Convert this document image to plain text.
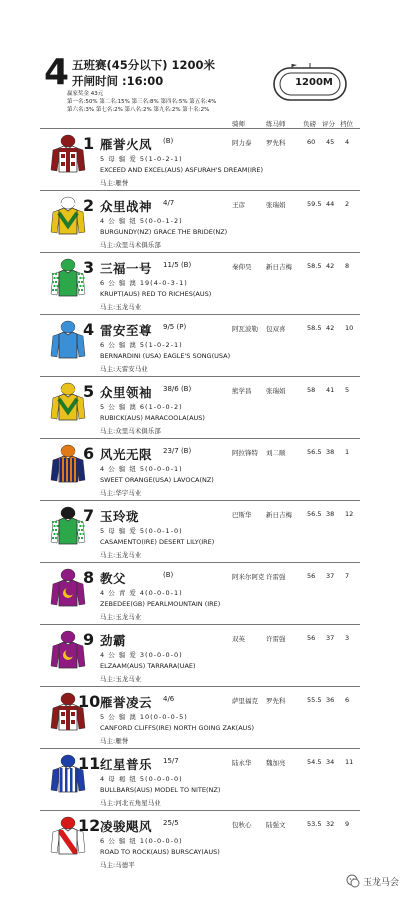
4 五班赛(45分以下) 1200米
开闸时间 :16:00
赢家奖金 43元
第一名:50% 第二名:15% 第三名:8% 第四名:5% 第五名:4%
第六名:3% 第七名:2% 第八名:2% 第九名:2% 第十名:2%
1200M
骑师	练马师	负磅 评分 档位
1 雁誉火凤 (B)	阿力泰 罗先科	60 45 4
5 母 骝 爱 5(1-0-2-1)
EXCEED AND EXCEL(AUS) ASFURAH'S DREAM(IRE)
马主:雁誉
2 众里战神 4/7	王彦	张瑞娟	59.5 44 2
4 公 骝 纽 5(0-0-1-2)
BURGUNDY(NZ) GRACE THE BRIDE(NZ)
马主:众里马术俱乐部
3 三福一号 11/5 (B)	秦仰昊 新日吉梅 58.5 42 8
6 公 骝 澳 19(4-0-3-1)
KRUPT(AUS) RED TO RICHES(AUS)
马主:玉龙马业
4 雷安至尊 9/5 (P)	阿瓦波勒 包双喜	58.5 42 10
6 公 骝 澳 5(1-0-2-1)
BERNARDINI (USA) EAGLE'S SONG(USA)
马主:天雷安马业
5 众里领袖 38/6 (B)	熊学昌 张瑞娟	58 41 5
5 公 骝 澳 6(1-0-0-2)
RUBICK(AUS) MARACOOLA(AUS)
马主:众里马术俱乐部
6 风光无限 23/7 (B)	阿拉锋特 刘二顺	56.5 38 1
4 公 骝 纽 5(0-0-0-1)
SWEET ORANGE(USA) LAVOCA(NZ)
马主:华宇马业
7 玉玲珑	巴斯华 新日吉梅 56.5 38 12
5 母 骝 爱 5(0-0-1-0)
CASAMENTO(IRE) DESERT LILY(IRE)
马主:玉龙马业
8 教父	(B)	阿米尔阿克 许雷强	56 37 7
4 公 青 爱 4(0-0-0-1)
ZEBEDEE(GB) PEARLMOUNTAIN (IRE)
马主:玉龙马业
9 劲霸	双英	许雷强	56 37 3
4 公 骝 爱 3(0-0-0-0)
ELZAAM(AUS) TARRARA(UAE)
马主:玉龙马业
10 雁誉凌云 4/6	萨里福克 罗先科	55.5 36 6
5 公 骝 澳 10(0-0-0-5)
CANFORD CLIFFS(IRE) NORTH GOING ZAK(AUS)
马主:雁誉
11 红星普乐 15/7	陆永华 魏加亮	54.5 34 11
4 母 褐 纽 5(0-0-0-0)
BULLBARS(AUS) MODEL TO NITE(NZ)
马主:河北五角星马业
12 凌骏飓风 25/5	包秋心 陆强文	53.5 32 9
6 公 骝 纽 1(0-0-0-0)
ROAD TO ROCK(AUS) BURSCAY(AUS)
马主:马德平
玉龙马会
